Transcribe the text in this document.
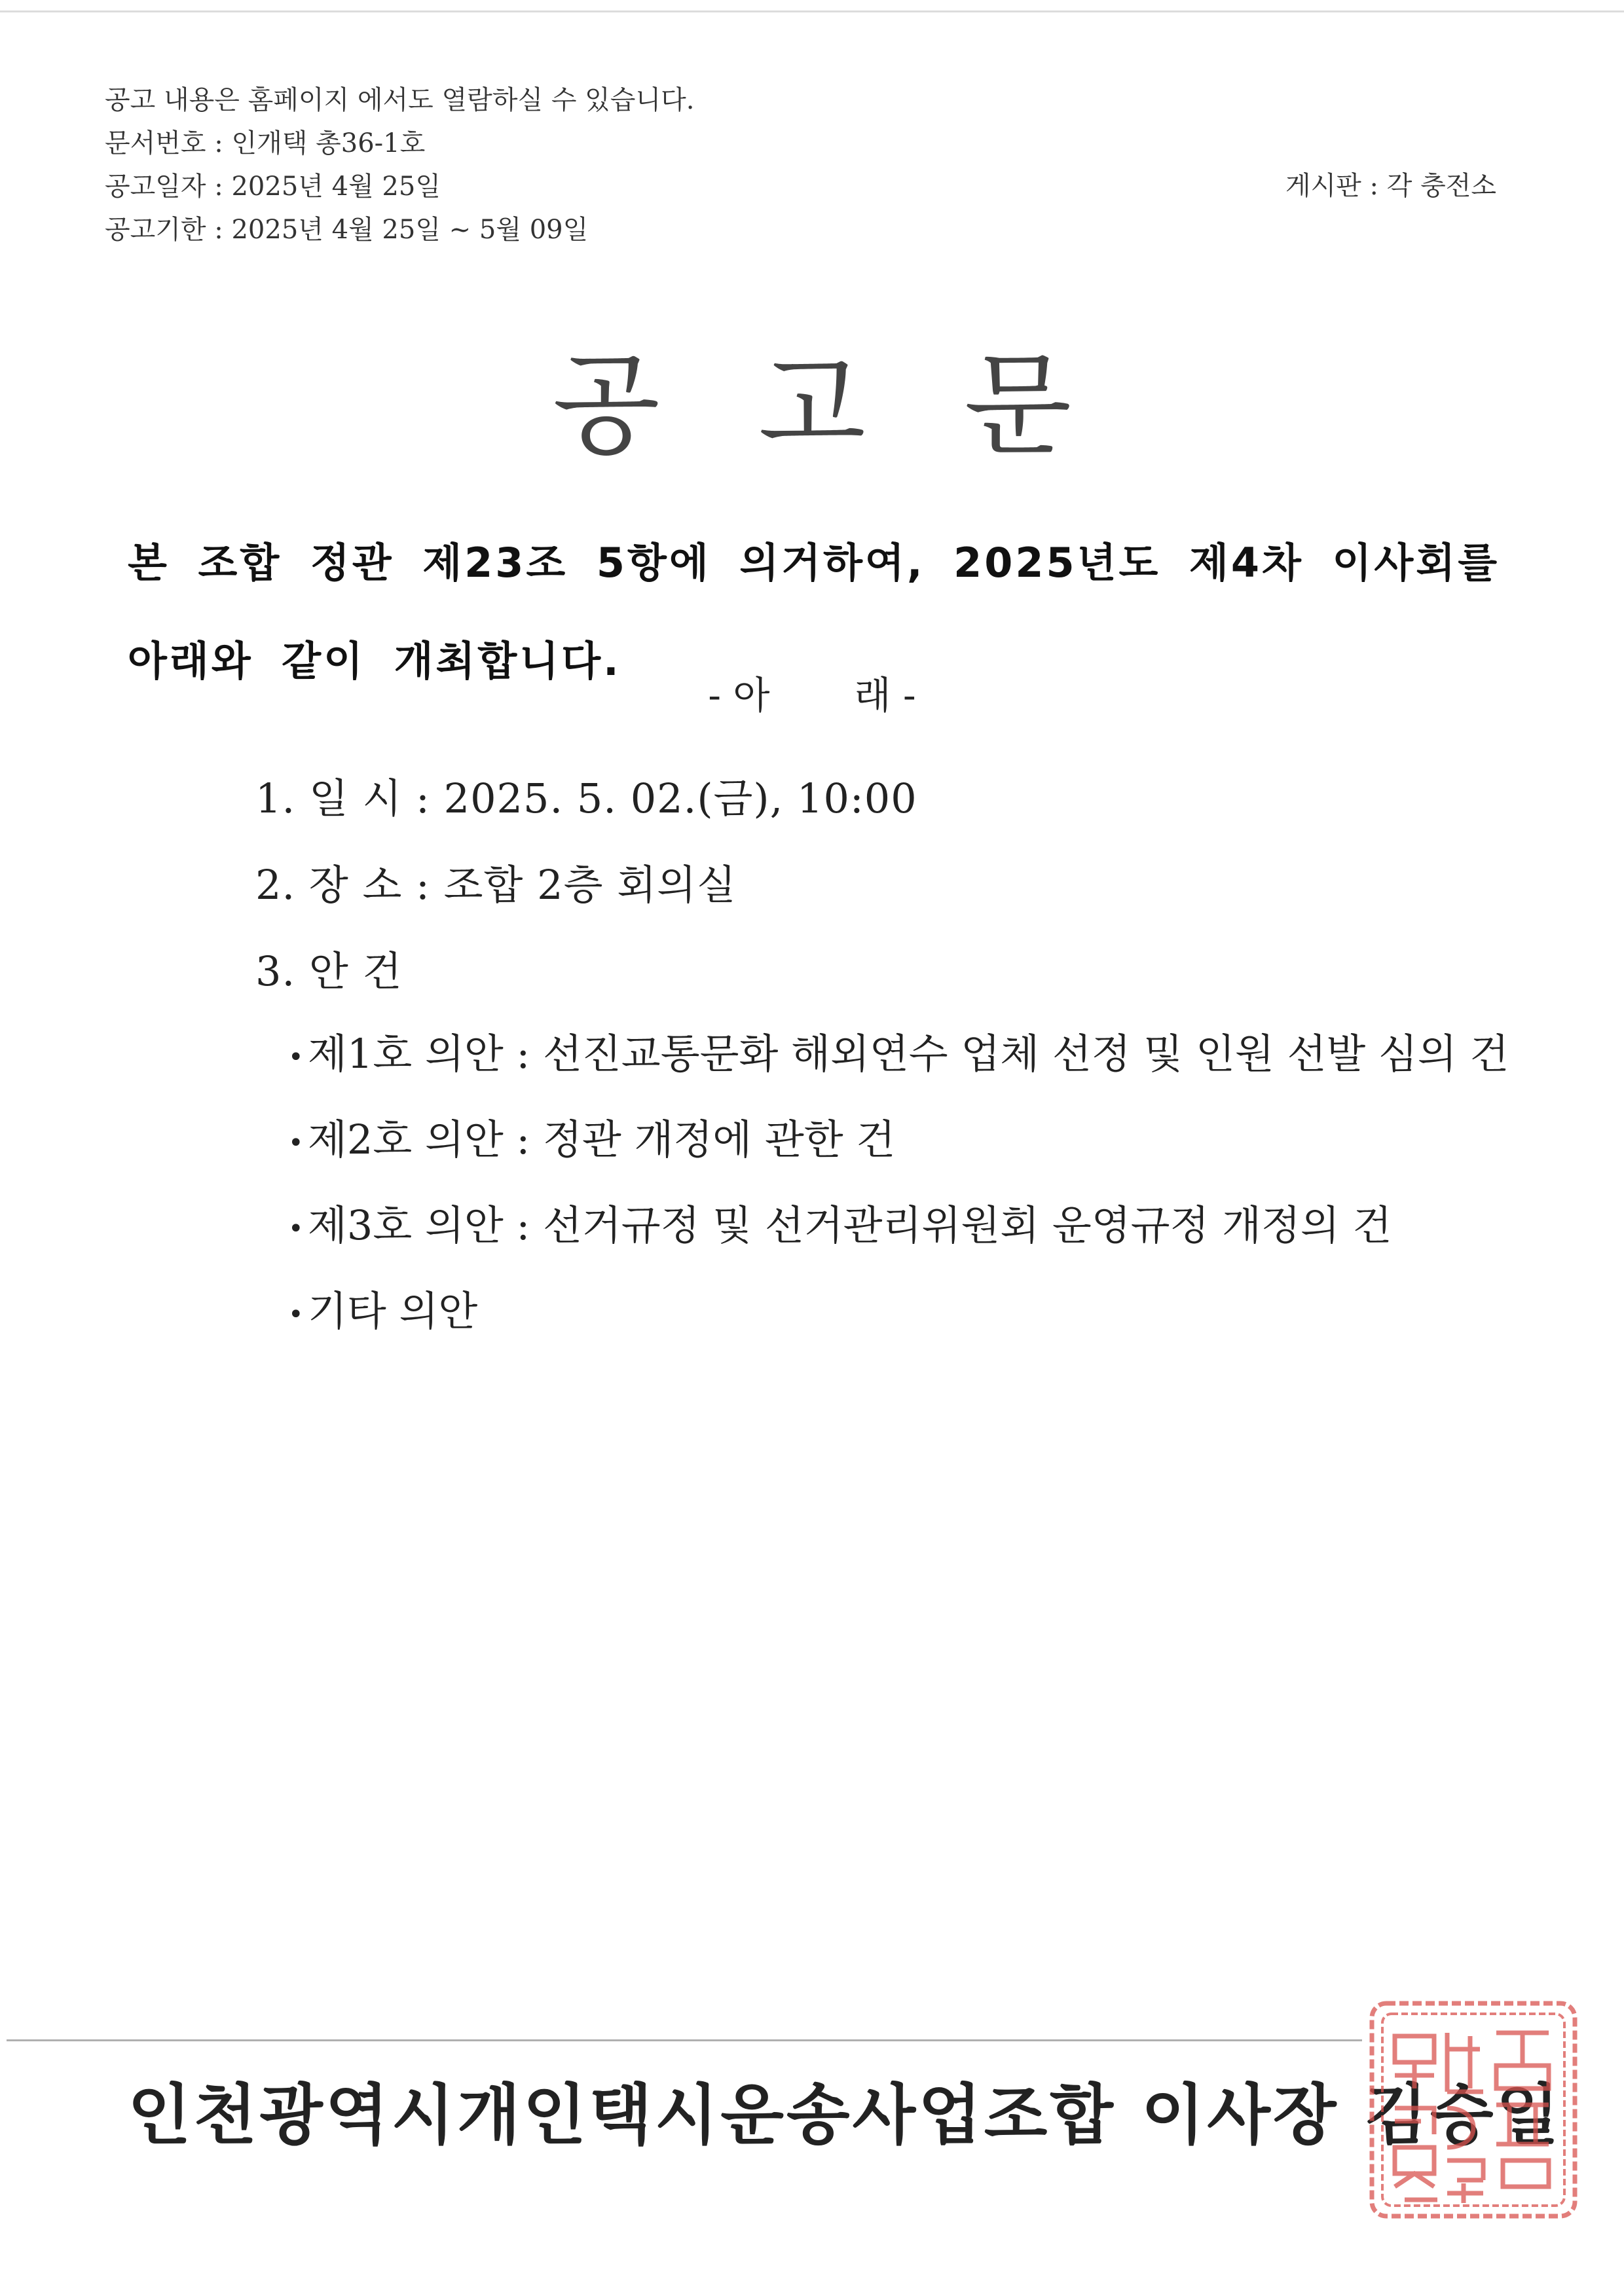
공고 내용은 홈페이지 에서도 열람하실 수 있습니다.
문서번호 : 인개택 총36-1호
공고일자 : 2025년 4월 25일
공고기한 : 2025년 4월 25일 ~ 5월 09일
게시판 : 각 충전소
공고문
본 조합 정관 제23조 5항에 의거하여, 2025년도 제4차 이사회를 아래와 같이 개최합니다.
- 아       래 -
1. 일 시 : 2025. 5. 02.(금), 10:00
2. 장 소 : 조합 2층 회의실
3. 안 건
• 제1호 의안 : 선진교통문화 해외연수 업체 선정 및 인원 선발 심의 건
• 제2호 의안 : 정관 개정에 관한 건
• 제3호 의안 : 선거규정 및 선거관리위원회 운영규정 개정의 건
• 기타 의안
인천광역시개인택시운송사업조합 이사장 김승일
